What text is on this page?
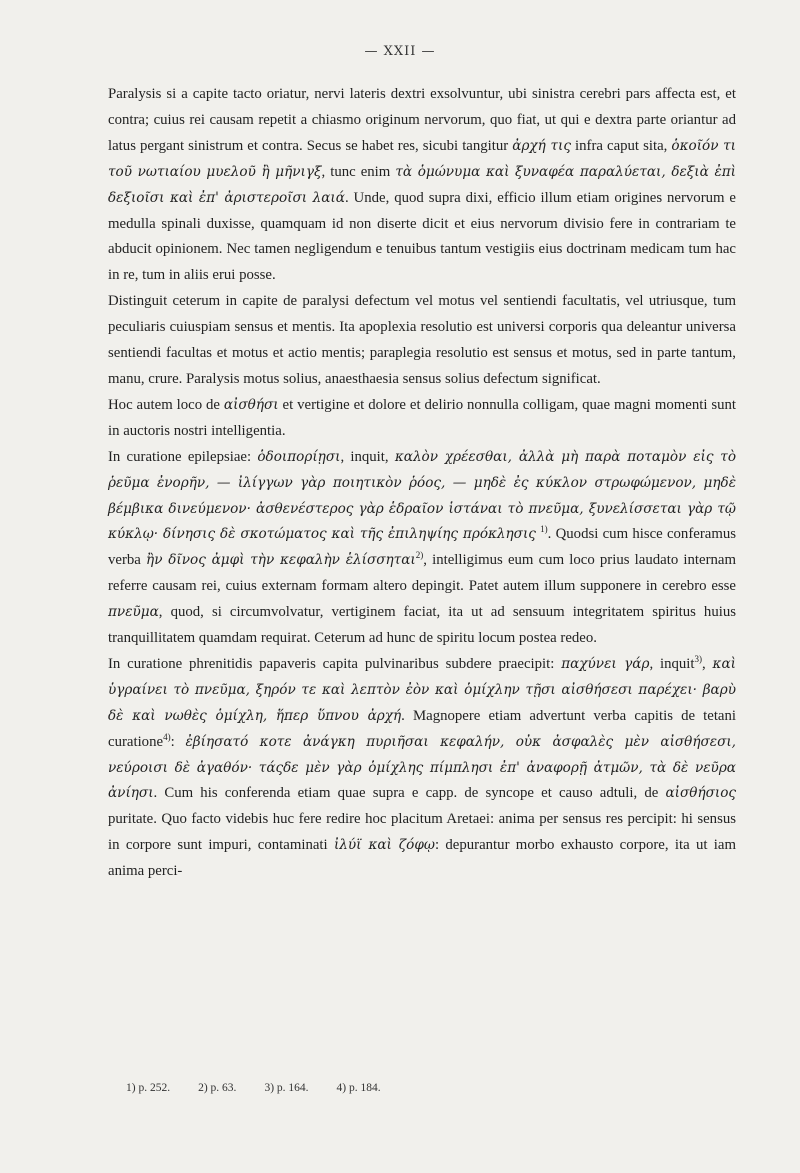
— XXII —

Paralysis si a capite tacto oriatur, nervi lateris dextri exsolvuntur, ubi sinistra cerebri pars affecta est, et contra; cuius rei causam repetit a chiasmo originum nervorum, quo fiat, ut qui e dextra parte oriantur ad latus pergant sinistrum et contra. Secus se habet res, sicubi tangitur ἀρχή τις infra caput sita, ὁκοῖόν τι τοῦ νωτιαίου μυελοῦ ἢ μῆνιγξ, tunc enim τὰ ὁμώνυμα καὶ ξυναφέα παραλύεται, δεξιὰ ἐπὶ δεξιοῖσι καὶ ἐπ' ἀριστεροῖσι λαιά. Unde, quod supra dixi, efficio illum etiam origines nervorum e medulla spinali duxisse, quamquam id non diserte dicit et eius nervorum divisio fere in contrariam te abducit opinionem. Nec tamen negligendum e tenuibus tantum vestigiis eius doctrinam medicam tum hac in re, tum in aliis erui posse.

Distinguit ceterum in capite de paralysi defectum vel motus vel sentiendi facultatis, vel utriusque, tum peculiaris cuiuspiam sensus et mentis. Ita apoplexia resolutio est universi corporis qua deleantur universa sentiendi facultas et motus et actio mentis; paraplegia resolutio est sensus et motus, sed in parte tantum, manu, crure. Paralysis motus solius, anaesthaesia sensus solius defectum significat.

Hoc autem loco de αἰσθήσι et vertigine et dolore et delirio nonnulla colligam, quae magni momenti sunt in auctoris nostri intelligentia.

In curatione epilepsiae: ὁδοιπορίῃσι, inquit, καλὸν χρέεσθαι, ἀλλὰ μὴ παρὰ ποταμὸν εἰς τὸ ῥεῦμα ἐνορῆν, — ἰλίγγων γὰρ ποιητικὸν ῥόος, — μηδὲ ἐς κύκλον στρωφώμενον, μηδὲ βέμβικα δινεύμενον· ἀσθενέστερος γὰρ ἑδραῖον ἱστάναι τὸ πνεῦμα, ξυνελίσσεται γὰρ τῷ κύκλῳ· δίνησις δὲ σκοτώματος καὶ τῆς ἐπιληψίης πρόκλησις $^{1)}$. Quodsi cum hisce conferamus verba ἢν δῖνος ἀμφὶ τὴν κεφαλὴν ἑλίσσηται$^{2)}$, intelligimus eum cum loco prius laudato internam referre causam rei, cuius externam formam altero depingit. Patet autem illum supponere in cerebro esse πνεῦμα, quod, si circumvolvatur, vertiginem faciat, ita ut ad sensuum integritatem spiritus huius tranquillitatem quamdam requirat. Ceterum ad hunc de spiritu locum postea redeo.

In curatione phrenitidis papaveris capita pulvinaribus subdere praecipit: παχύνει γάρ, inquit$^{3)}$, καὶ ὑγραίνει τὸ πνεῦμα, ξηρόν τε καὶ λεπτὸν ἐὸν καὶ ὁμίχλην τῇσι αἰσθήσεσι παρέχει· βαρὺ δὲ καὶ νωθὲς ὁμίχλη, ἥπερ ὕπνου ἀρχή. Magnopere etiam advertunt verba capitis de tetani curatione$^{4)}$: ἐβίησατό κοτε ἀνάγκη πυριῆσαι κεφαλήν, οὐκ ἀσφαλὲς μὲν αἰσθήσεσι, νεύροισι δὲ ἀγαθόν· τάςδε μὲν γὰρ ὁμίχλης πίμπλησι ἐπ' ἀναφορῇ ἀτμῶν, τὰ δὲ νεῦρα ἀνίησι. Cum his conferenda etiam quae supra e capp. de syncope et causo adtuli, de αἰσθήσιος puritate. Quo facto videbis huc fere redire hoc placitum Aretaei: anima per sensus res percipit: hi sensus in corpore sunt impuri, contaminati ἰλύϊ καὶ ζόφῳ: depurantur morbo exhausto corpore, ita ut iam anima perci-

1) p. 252. 2) p. 63. 3) p. 164. 4) p. 184.
